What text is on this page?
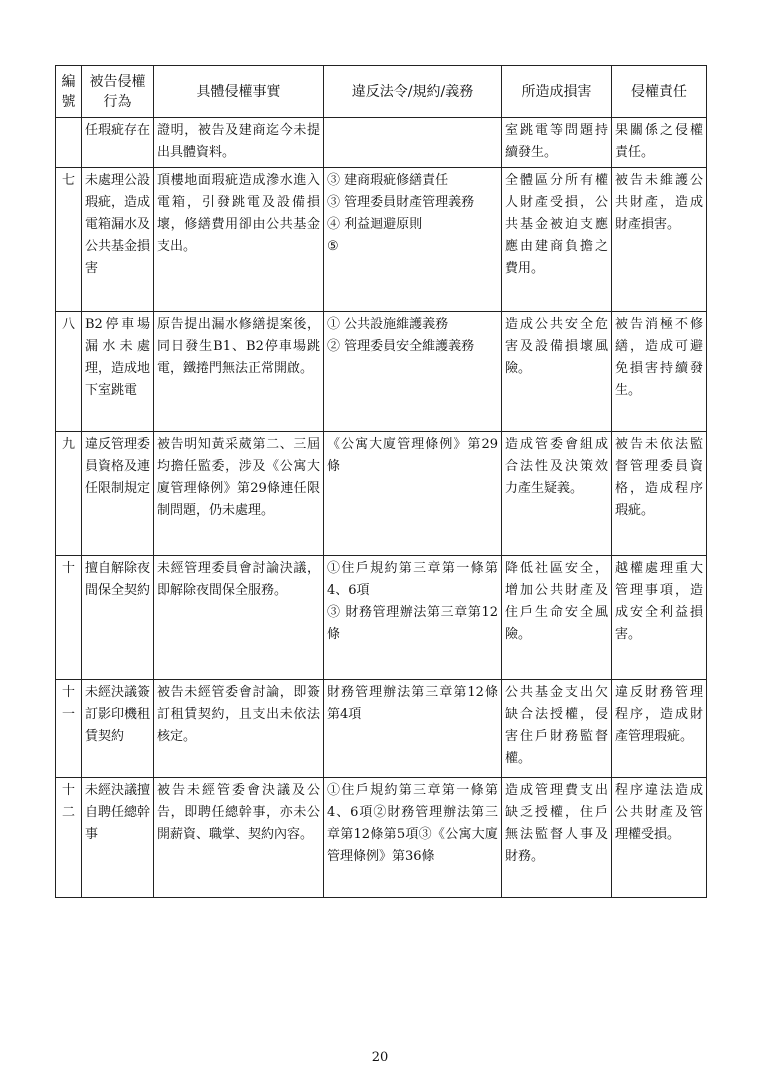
編號	被告侵權行為	具體侵權事實	違反法令/規約/義務	所造成損害	侵權責任
	任瑕疵存在	證明，被告及建商迄今未提出具體資料。		室跳電等問題持續發生。	果關係之侵權責任。
七	未處理公設瑕疵，造成電箱漏水及公共基金損害	頂樓地面瑕疵造成滲水進入電箱，引發跳電及設備損壞，修繕費用卻由公共基金支出。	③ 建商瑕疵修繕責任
③ 管理委員財產管理義務
④ 利益迴避原則
⑤	全體區分所有權人財產受損，公共基金被迫支應應由建商負擔之費用。	被告未維護公共財產，造成財產損害。
八	B2停車場漏水未處理，造成地下室跳電	原告提出漏水修繕提案後，同日發生B1、B2停車場跳電，鐵捲門無法正常開啟。	① 公共設施維護義務
② 管理委員安全維護義務	造成公共安全危害及設備損壞風險。	被告消極不修繕，造成可避免損害持續發生。
九	違反管理委員資格及連任限制規定	被告明知黃采葳第二、三屆均擔任監委，涉及《公寓大廈管理條例》第29條連任限制問題，仍未處理。	《公寓大廈管理條例》第29條	造成管委會組成合法性及決策效力產生疑義。	被告未依法監督管理委員資格，造成程序瑕疵。
十	擅自解除夜間保全契約	未經管理委員會討論決議，即解除夜間保全服務。	①住戶規約第三章第一條第4、6項
③ 財務管理辦法第三章第12條	降低社區安全，增加公共財產及住戶生命安全風險。	越權處理重大管理事項，造成安全利益損害。
十一	未經決議簽訂影印機租賃契約	被告未經管委會討論，即簽訂租賃契約，且支出未依法核定。	財務管理辦法第三章第12條第4項	公共基金支出欠缺合法授權，侵害住戶財務監督權。	違反財務管理程序，造成財產管理瑕疵。
十二	未經決議擅自聘任總幹事	被告未經管委會決議及公告，即聘任總幹事，亦未公開薪資、職掌、契約內容。	①住戶規約第三章第一條第4、6項②財務管理辦法第三章第12條第5項③《公寓大廈管理條例》第36條	造成管理費支出缺乏授權，住戶無法監督人事及財務。	程序違法造成公共財產及管理權受損。
20
